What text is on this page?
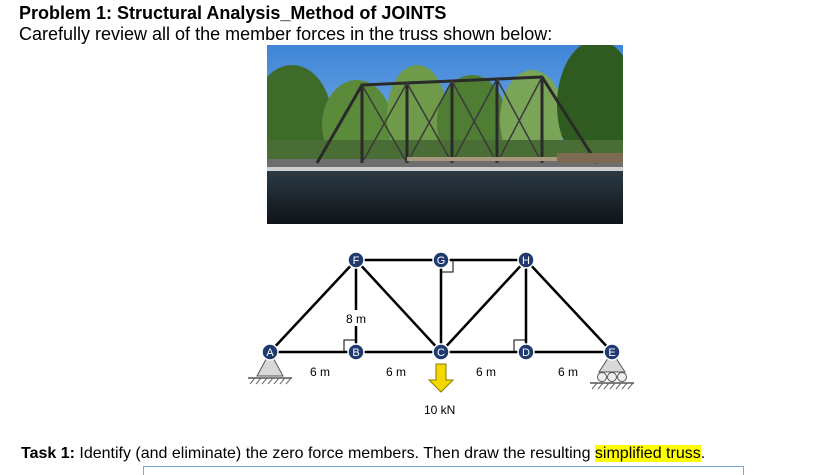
Problem 1: Structural Analysis_Method of JOINTS
Carefully review all of the member forces in the truss shown below:
A	B	C	D	E
F	G	H
8 m
6 m	6 m	6 m	6 m
10 kN
Task 1: Identify (and eliminate) the zero force members. Then draw the resulting simplified truss.
